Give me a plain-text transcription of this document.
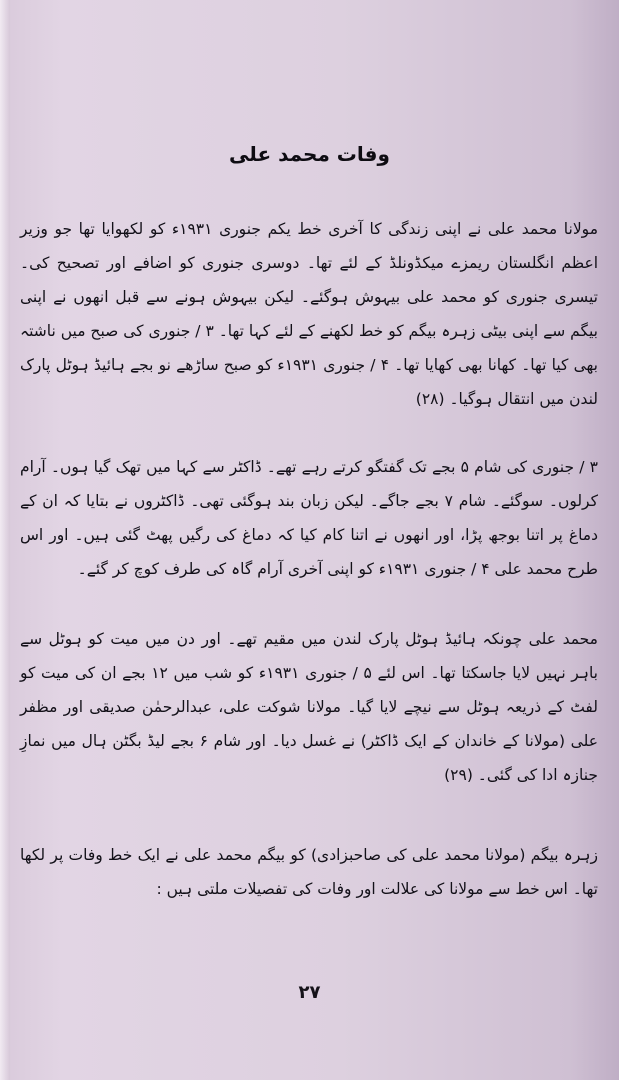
وفات محمد علی

مولانا محمد علی نے اپنی زندگی کا آخری خط یکم جنوری ۱۹۳۱ء کو لکھوایا تھا جو وزیر اعظم انگلستان ریمزے میکڈونلڈ کے لئے تھا۔ دوسری جنوری کو اضافے اور تصحیح کی۔ تیسری جنوری کو محمد علی بیہوش ہوگئے۔ لیکن بیہوش ہونے سے قبل انھوں نے اپنی بیگم سے اپنی بیٹی زہرہ بیگم کو خط لکھنے کے لئے کہا تھا۔ ۳ / جنوری کی صبح میں ناشتہ بھی کیا تھا۔ کھانا بھی کھایا تھا۔ ۴ / جنوری ۱۹۳۱ء کو صبح ساڑھے نو بجے ہائیڈ ہوٹل پارک لندن میں انتقال ہوگیا۔ (۲۸)

۳ / جنوری کی شام ۵ بجے تک گفتگو کرتے رہے تھے۔ ڈاکٹر سے کہا میں تھک گیا ہوں۔ آرام کرلوں۔ سوگئے۔ شام ۷ بجے جاگے۔ لیکن زبان بند ہوگئی تھی۔ ڈاکٹروں نے بتایا کہ ان کے دماغ پر اتنا بوجھ پڑا، اور انھوں نے اتنا کام کیا کہ دماغ کی رگیں پھٹ گئی ہیں۔ اور اس طرح محمد علی ۴ / جنوری ۱۹۳۱ء کو اپنی آخری آرام گاہ کی طرف کوچ کر گئے۔

محمد علی چونکہ ہائیڈ ہوٹل پارک لندن میں مقیم تھے۔ اور دن میں میت کو ہوٹل سے باہر نہیں لایا جاسکتا تھا۔ اس لئے ۵ / جنوری ۱۹۳۱ء کو شب میں ۱۲ بجے ان کی میت کو لفٹ کے ذریعہ ہوٹل سے نیچے لایا گیا۔ مولانا شوکت علی، عبدالرحمٰن صدیقی اور مظفر علی (مولانا کے خاندان کے ایک ڈاکٹر) نے غسل دیا۔ اور شام ۶ بجے لیڈ بگٹن ہال میں نمازِ جنازہ ادا کی گئی۔ (۲۹)

زہرہ بیگم (مولانا محمد علی کی صاحبزادی) کو بیگم محمد علی نے ایک خط وفات پر لکھا تھا۔ اس خط سے مولانا کی علالت اور وفات کی تفصیلات ملتی ہیں :

۲۷
